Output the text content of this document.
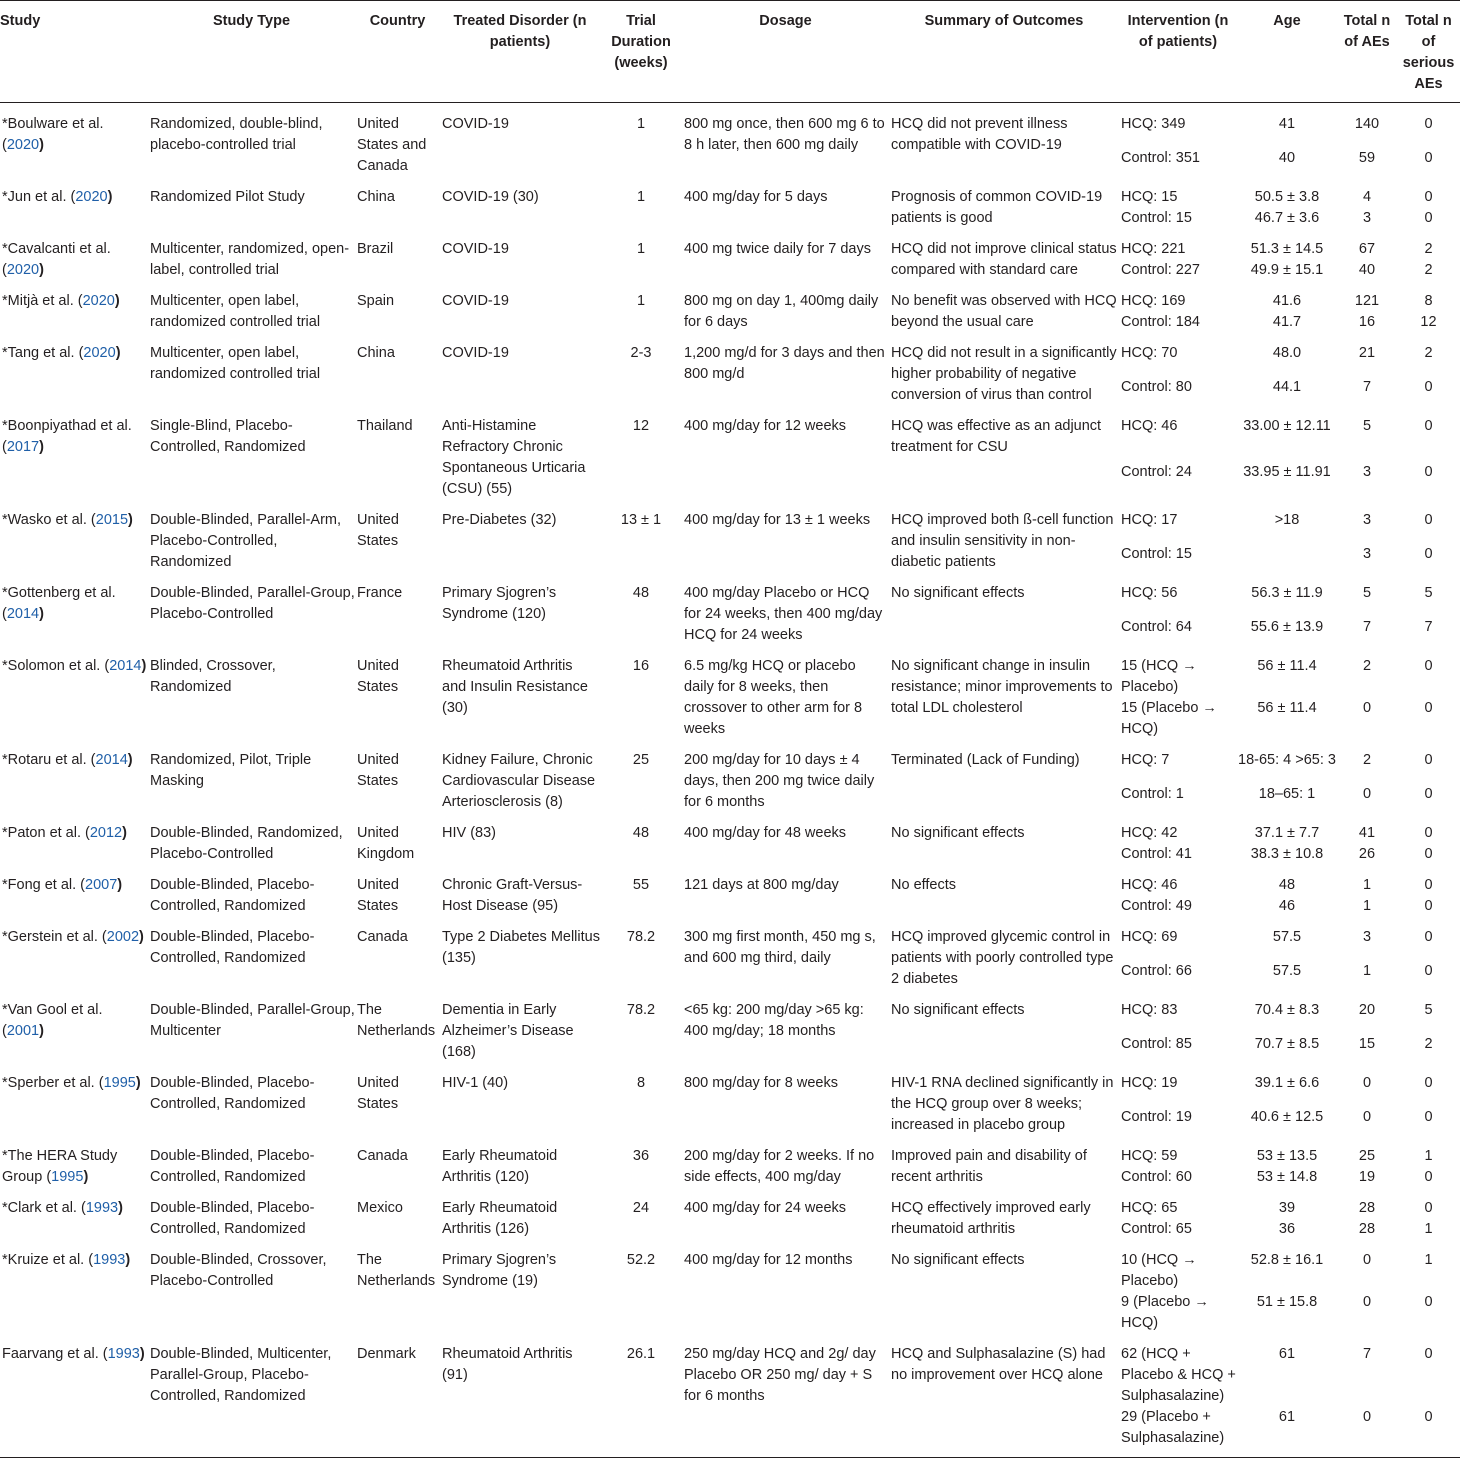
Study	Study Type	Country	Treated Disorder (n patients)	Trial Duration (weeks)	Dosage	Summary of Outcomes	Intervention (n of patients)	Age	Total n of AEs	Total n of serious AEs
*Boulware et al. (2020)	Randomized, double-blind, placebo-controlled trial	United States and Canada	COVID-19	1	800 mg once, then 600 mg 6 to 8 h later, then 600 mg daily	HCQ did not prevent illness compatible with COVID-19	HCQ: 349	41	140	0
							Control: 351	40	59	0
*Jun et al. (2020)	Randomized Pilot Study	China	COVID-19 (30)	1	400 mg/day for 5 days	Prognosis of common COVID-19 patients is good	HCQ: 15	50.5 ± 3.8	4	0
							Control: 15	46.7 ± 3.6	3	0
*Cavalcanti et al. (2020)	Multicenter, randomized, open-label, controlled trial	Brazil	COVID-19	1	400 mg twice daily for 7 days	HCQ did not improve clinical status compared with standard care	HCQ: 221	51.3 ± 14.5	67	2
							Control: 227	49.9 ± 15.1	40	2
*Mitjà et al. (2020)	Multicenter, open label, randomized controlled trial	Spain	COVID-19	1	800 mg on day 1, 400mg daily for 6 days	No benefit was observed with HCQ beyond the usual care	HCQ: 169	41.6	121	8
							Control: 184	41.7	16	12
*Tang et al. (2020)	Multicenter, open label, randomized controlled trial	China	COVID-19	2-3	1,200 mg/d for 3 days and then 800 mg/d	HCQ did not result in a significantly higher probability of negative conversion of virus than control	HCQ: 70	48.0	21	2
							Control: 80	44.1	7	0
*Boonpiyathad et al. (2017)	Single-Blind, Placebo-Controlled, Randomized	Thailand	Anti-Histamine Refractory Chronic Spontaneous Urticaria (CSU) (55)	12	400 mg/day for 12 weeks	HCQ was effective as an adjunct treatment for CSU	HCQ: 46	33.00 ± 12.11	5	0
							Control: 24	33.95 ± 11.91	3	0
*Wasko et al. (2015)	Double-Blinded, Parallel-Arm, Placebo-Controlled, Randomized	United States	Pre-Diabetes (32)	13 ± 1	400 mg/day for 13 ± 1 weeks	HCQ improved both ß-cell function and insulin sensitivity in non-diabetic patients	HCQ: 17	>18	3	0
							Control: 15		3	0
*Gottenberg et al. (2014)	Double-Blinded, Parallel-Group, Placebo-Controlled	France	Primary Sjogren’s Syndrome (120)	48	400 mg/day Placebo or HCQ for 24 weeks, then 400 mg/day HCQ for 24 weeks	No significant effects	HCQ: 56	56.3 ± 11.9	5	5
							Control: 64	55.6 ± 13.9	7	7
*Solomon et al. (2014)	Blinded, Crossover, Randomized	United States	Rheumatoid Arthritis and Insulin Resistance (30)	16	6.5 mg/kg HCQ or placebo daily for 8 weeks, then crossover to other arm for 8 weeks	No significant change in insulin resistance; minor improvements to total LDL cholesterol	15 (HCQ → Placebo)	56 ± 11.4	2	0
							15 (Placebo → HCQ)	56 ± 11.4	0	0
*Rotaru et al. (2014)	Randomized, Pilot, Triple Masking	United States	Kidney Failure, Chronic Cardiovascular Disease Arteriosclerosis (8)	25	200 mg/day for 10 days ± 4 days, then 200 mg twice daily for 6 months	Terminated (Lack of Funding)	HCQ: 7	18-65: 4 >65: 3	2	0
							Control: 1	18–65: 1	0	0
*Paton et al. (2012)	Double-Blinded, Randomized, Placebo-Controlled	United Kingdom	HIV (83)	48	400 mg/day for 48 weeks	No significant effects	HCQ: 42	37.1 ± 7.7	41	0
							Control: 41	38.3 ± 10.8	26	0
*Fong et al. (2007)	Double-Blinded, Placebo-Controlled, Randomized	United States	Chronic Graft-Versus-Host Disease (95)	55	121 days at 800 mg/day	No effects	HCQ: 46	48	1	0
							Control: 49	46	1	0
*Gerstein et al. (2002)	Double-Blinded, Placebo-Controlled, Randomized	Canada	Type 2 Diabetes Mellitus (135)	78.2	300 mg first month, 450 mg s, and 600 mg third, daily	HCQ improved glycemic control in patients with poorly controlled type 2 diabetes	HCQ: 69	57.5	3	0
							Control: 66	57.5	1	0
*Van Gool et al. (2001)	Double-Blinded, Parallel-Group, Multicenter	The Netherlands	Dementia in Early Alzheimer’s Disease (168)	78.2	<65 kg: 200 mg/day >65 kg: 400 mg/day; 18 months	No significant effects	HCQ: 83	70.4 ± 8.3	20	5
							Control: 85	70.7 ± 8.5	15	2
*Sperber et al. (1995)	Double-Blinded, Placebo-Controlled, Randomized	United States	HIV-1 (40)	8	800 mg/day for 8 weeks	HIV-1 RNA declined significantly in the HCQ group over 8 weeks; increased in placebo group	HCQ: 19	39.1 ± 6.6	0	0
							Control: 19	40.6 ± 12.5	0	0
*The HERA Study Group (1995)	Double-Blinded, Placebo-Controlled, Randomized	Canada	Early Rheumatoid Arthritis (120)	36	200 mg/day for 2 weeks. If no side effects, 400 mg/day	Improved pain and disability of recent arthritis	HCQ: 59	53 ± 13.5	25	1
							Control: 60	53 ± 14.8	19	0
*Clark et al. (1993)	Double-Blinded, Placebo-Controlled, Randomized	Mexico	Early Rheumatoid Arthritis (126)	24	400 mg/day for 24 weeks	HCQ effectively improved early rheumatoid arthritis	HCQ: 65	39	28	0
							Control: 65	36	28	1
*Kruize et al. (1993)	Double-Blinded, Crossover, Placebo-Controlled	The Netherlands	Primary Sjogren’s Syndrome (19)	52.2	400 mg/day for 12 months	No significant effects	10 (HCQ → Placebo)	52.8 ± 16.1	0	1
							9 (Placebo → HCQ)	51 ± 15.8	0	0
Faarvang et al. (1993)	Double-Blinded, Multicenter, Parallel-Group, Placebo-Controlled, Randomized	Denmark	Rheumatoid Arthritis (91)	26.1	250 mg/day HCQ and 2g/ day Placebo OR 250 mg/ day + S for 6 months	HCQ and Sulphasalazine (S) had no improvement over HCQ alone	62 (HCQ + Placebo & HCQ + Sulphasalazine)	61	7	0
							29 (Placebo + Sulphasalazine)	61	0	0
